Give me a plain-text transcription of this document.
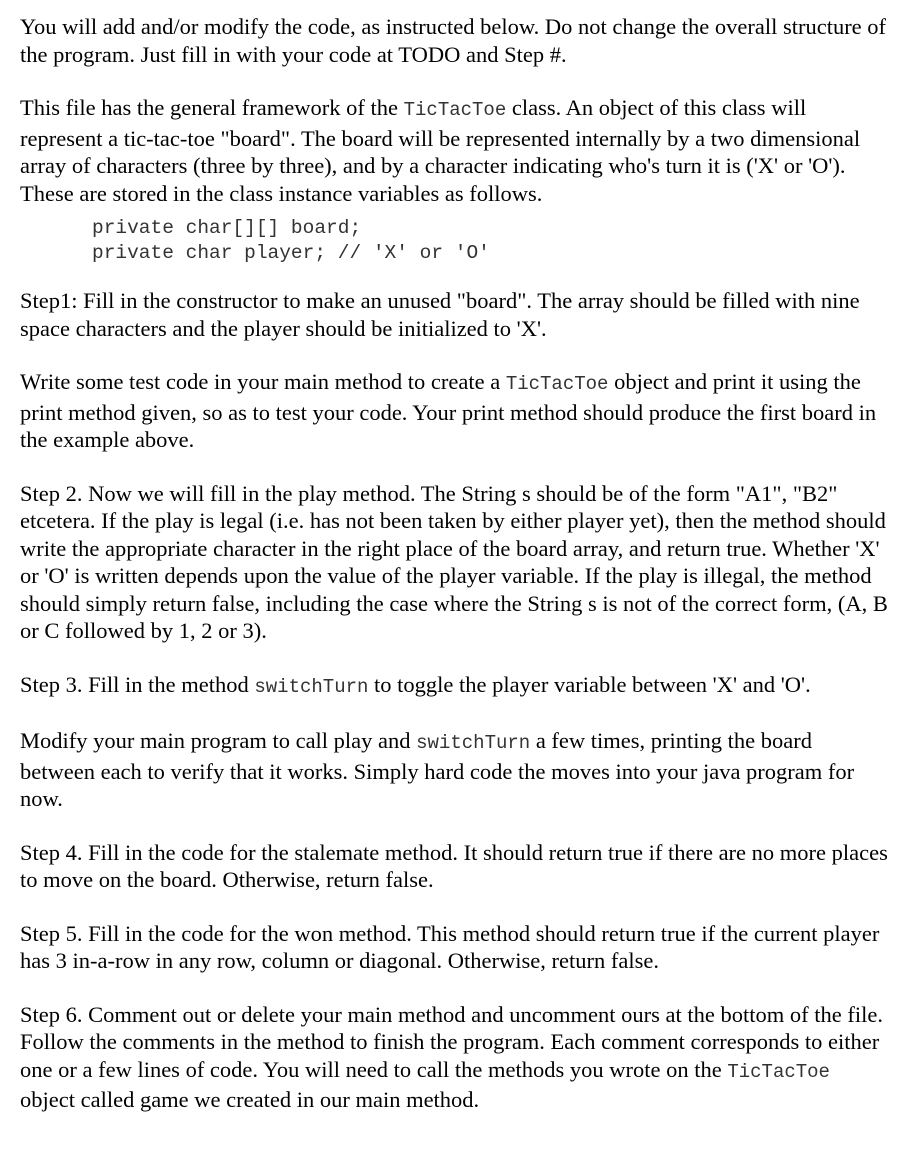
You will add and/or modify the code, as instructed below. Do not change the overall structure of the program. Just fill in with your code at TODO and Step #.

This file has the general framework of the TicTacToe class. An object of this class will represent a tic-tac-toe "board". The board will be represented internally by a two dimensional array of characters (three by three), and by a character indicating who's turn it is ('X' or 'O'). These are stored in the class instance variables as follows.

private char[][] board;
private char player; // 'X' or 'O'

Step1: Fill in the constructor to make an unused "board". The array should be filled with nine space characters and the player should be initialized to 'X'.

Write some test code in your main method to create a TicTacToe object and print it using the print method given, so as to test your code. Your print method should produce the first board in the example above.

Step 2. Now we will fill in the play method. The String s should be of the form "A1", "B2" etcetera. If the play is legal (i.e. has not been taken by either player yet), then the method should write the appropriate character in the right place of the board array, and return true. Whether 'X' or 'O' is written depends upon the value of the player variable. If the play is illegal, the method should simply return false, including the case where the String s is not of the correct form, (A, B or C followed by 1, 2 or 3).

Step 3. Fill in the method switchTurn to toggle the player variable between 'X' and 'O'.

Modify your main program to call play and switchTurn a few times, printing the board between each to verify that it works. Simply hard code the moves into your java program for now.

Step 4. Fill in the code for the stalemate method. It should return true if there are no more places to move on the board. Otherwise, return false.

Step 5. Fill in the code for the won method. This method should return true if the current player has 3 in-a-row in any row, column or diagonal. Otherwise, return false.

Step 6. Comment out or delete your main method and uncomment ours at the bottom of the file. Follow the comments in the method to finish the program. Each comment corresponds to either one or a few lines of code. You will need to call the methods you wrote on the TicTacToe object called game we created in our main method.
